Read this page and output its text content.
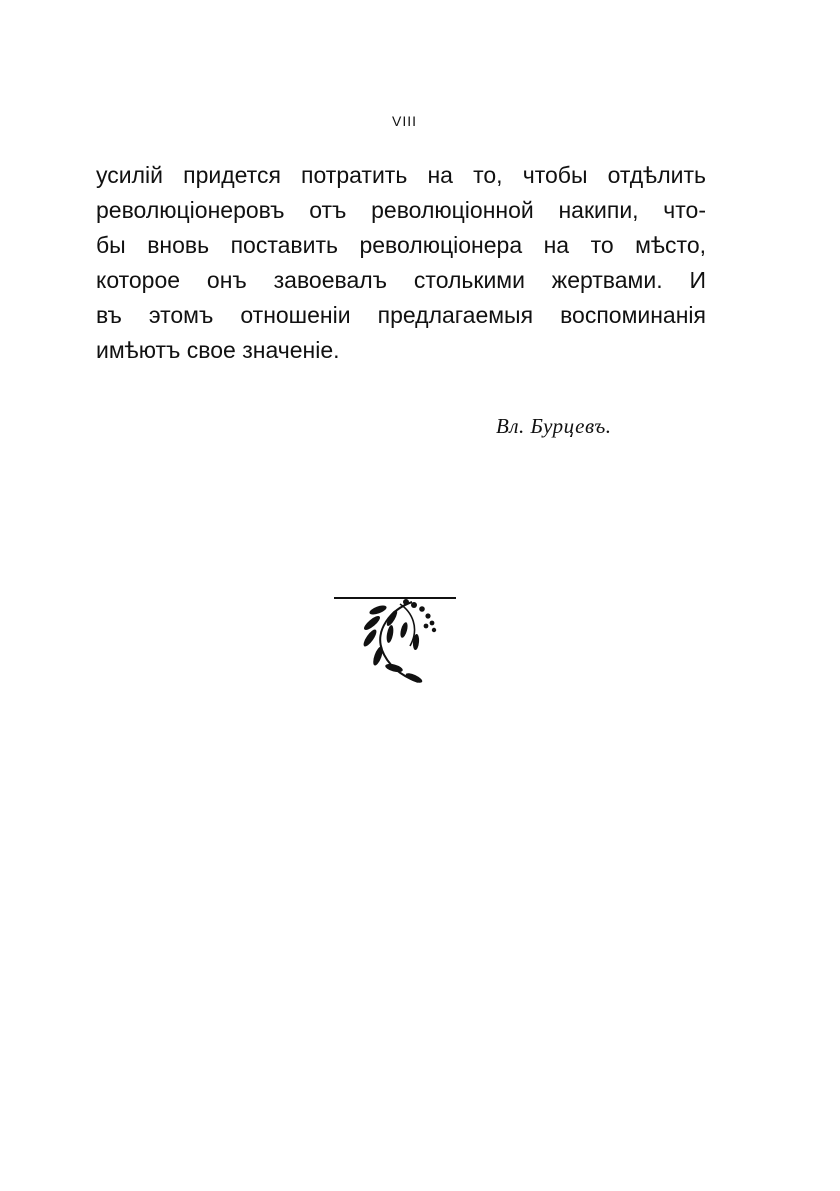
VIII
усилій придется потратить на то, чтобы отдѣлить
революціонеровъ отъ революціонной накипи, что-
бы вновь поставить революціонера на то мѣсто,
которое онъ завоевалъ столькими жертвами. И
въ этомъ отношеніи предлагаемыя воспоминанія
имѣютъ свое значеніе.
Вл. Бурцевъ.
